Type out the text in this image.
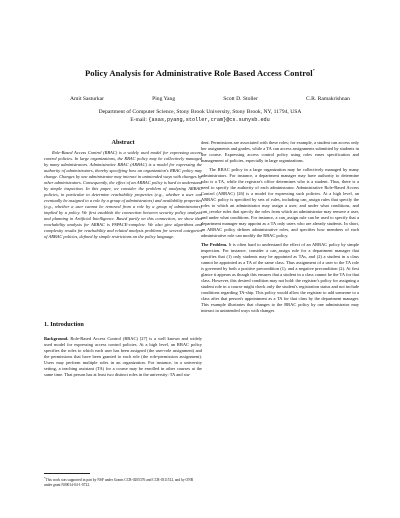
Policy Analysis for Administrative Role Based Access Control*
Amit Sasturkar	Ping Yang	Scott D. Stoller	C.R. Ramakrishnan
Department of Computer Science, Stony Brook University, Stony Brook, NY, 11794, USA
E-mail: {asas,pyang,stoller,cram}@cs.sunysb.edu
Abstract

Role-Based Access Control (RBAC) is a widely used model for expressing access control policies. In large organizations, the RBAC policy may be collectively managed by many administrators. Administrative RBAC (ARBAC) is a model for expressing the authority of administrators, thereby specifying how an organization's RBAC policy may change. Changes by one administrator may interact in unintended ways with changes by other administrators. Consequently, the effect of an ARBAC policy is hard to understand by simple inspection. In this paper, we consider the problem of analyzing ARBAC policies, in particular to determine reachability properties (e.g., whether a user can eventually be assigned to a role by a group of administrators) and availability properties (e.g., whether a user cannot be removed from a role by a group of administrators) implied by a policy. We first establish the connection between security policy analysis and planning in Artificial Intelligence. Based partly on this connection, we show that reachability analysis for ARBAC is PSPACE-complete. We also give algorithms and complexity results for reachability and related analysis problems for several categories of ARBAC policies, defined by simple restrictions on the policy language.

1. Introduction

Background. Role-Based Access Control (RBAC) [27] is a well known and widely used model for expressing access control policies. At a high level, an RBAC policy specifies the roles to which each user has been assigned (the user-role assignment) and the permissions that have been granted to each role (the role-permission assignment). Users may perform multiple roles in an organization. For instance, in a university setting, a teaching assistant (TA) for a course may be enrolled in other courses at the same time. That person has at least two distinct roles in the university: TA and stu-

*This work was supported in part by NSF under Grants CCR-0205376 and CCR-0311512, and by ONR under grant N00014-04-1-0722.

dent. Permissions are associated with these roles; for example, a student can access only her assignments and grades, while a TA can access assignments submitted by students in the course. Expressing access control policy using roles eases specification and management of policies, especially in large organizations.

The RBAC policy in a large organization may be collectively managed by many administrators. For instance, a department manager may have authority to determine who is a TA, while the registrar's office determines who is a student. Thus, there is a need to specify the authority of each administrator. Administrative Role-Based Access Control (ARBAC) [26] is a model for expressing such policies. At a high level, an ARBAC policy is specified by sets of rules, including can_assign rules that specify the roles to which an administrator may assign a user, and under what conditions, and can_revoke rules that specify the roles from which an administrator may remove a user, and under what conditions. For instance, a can_assign rule can be used to specify that a department manager may appoint as a TA only users who are already students. In short, an ARBAC policy defines administrative roles, and specifies how members of each administrative role can modify the RBAC policy.

The Problem. It is often hard to understand the effect of an ARBAC policy by simple inspection. For instance, consider a can_assign rule for a department manager that specifies that (1) only students may be appointed as TAs, and (2) a student in a class cannot be appointed as a TA of the same class. Thus assignment of a user to the TA role is governed by both a positive precondition (1), and a negative precondition (2). At first glance it appears as though this ensures that a student in a class cannot be the TA for that class. However, this desired condition may not hold: the registrar's policy for assigning a student role in a course might check only the student's registration status and not include conditions regarding TA-ship. This policy would allow the registrar to add someone to a class after that person's appointment as a TA for that class by the department manager. This example illustrates that changes to the RBAC policy by one administrator may interact in unintended ways with changes
